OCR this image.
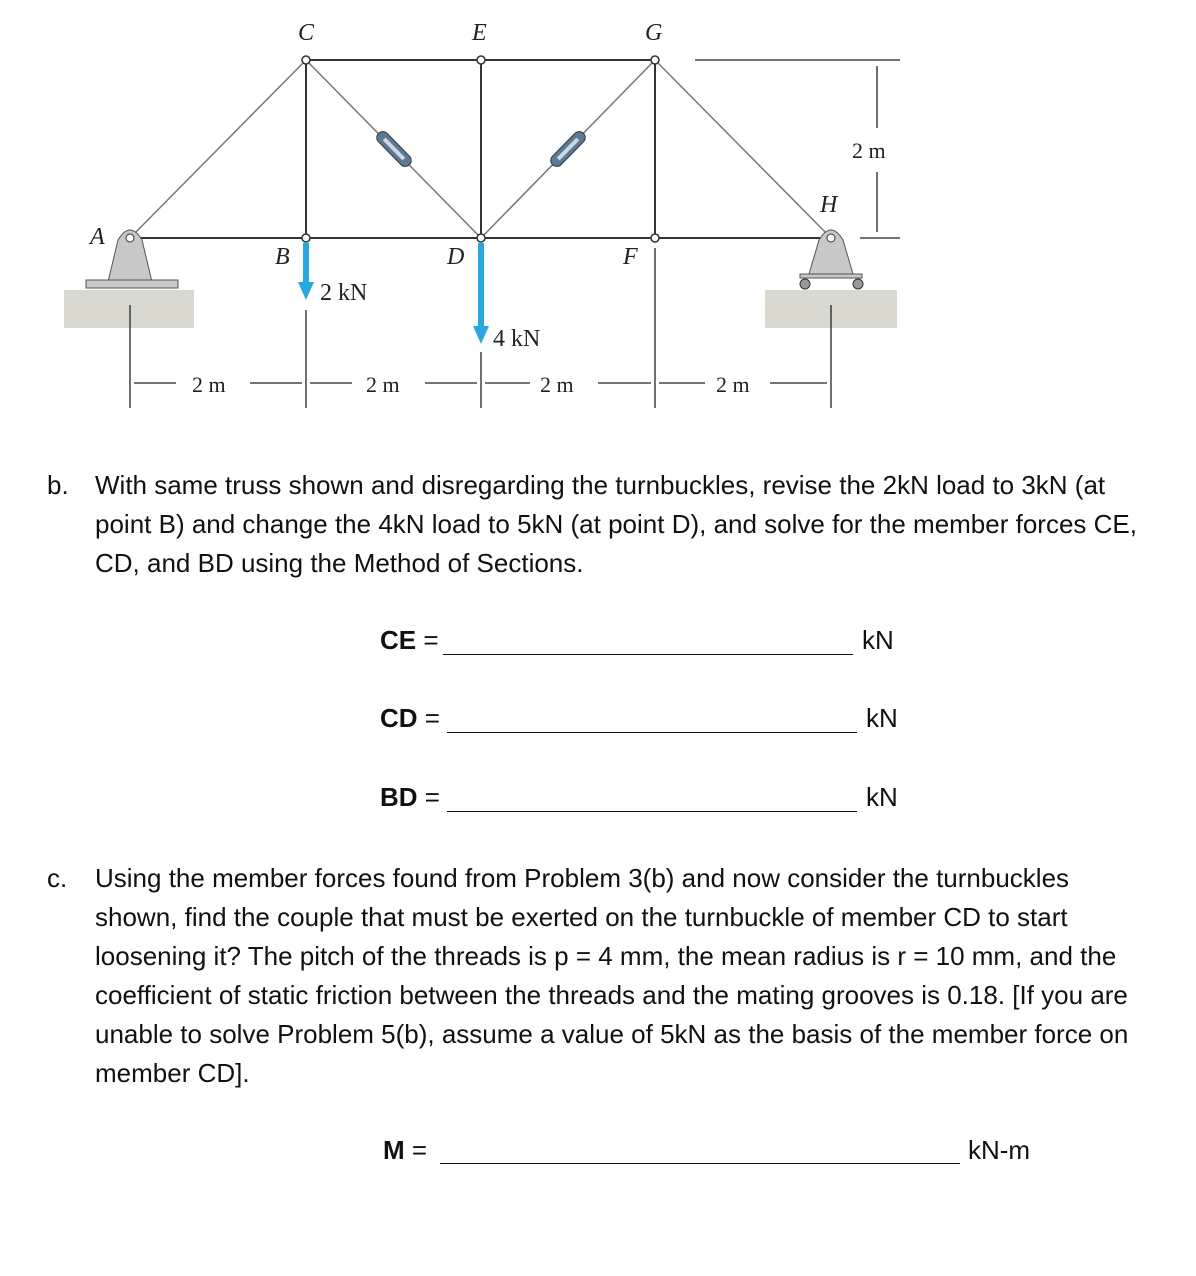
C	E	G
A
B	D	F
H
2 kN
4 kN
2 m	2 m	2 m	2 m
2 m
b. With same truss shown and disregarding the turnbuckles, revise the 2kN load to 3kN (at point B) and change the 4kN load to 5kN (at point D), and solve for the member forces CE, CD, and BD using the Method of Sections.
CE =	kN
CD =	kN
BD =	kN
c. Using the member forces found from Problem 3(b) and now consider the turnbuckles shown, find the couple that must be exerted on the turnbuckle of member CD to start loosening it? The pitch of the threads is p = 4 mm, the mean radius is r = 10 mm, and the coefficient of static friction between the threads and the mating grooves is 0.18. [If you are unable to solve Problem 5(b), assume a value of 5kN as the basis of the member force on member CD].
M =	kN-m
